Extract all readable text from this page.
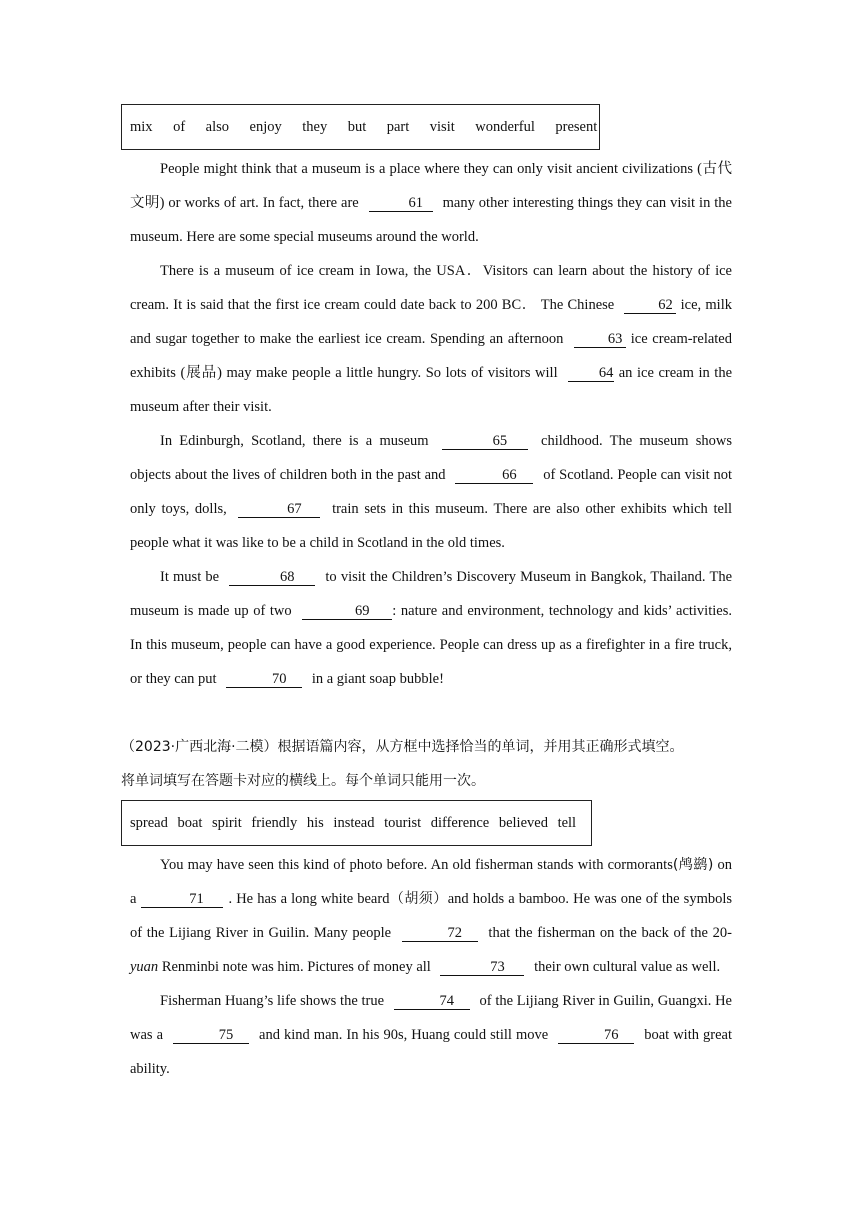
mix of also enjoy they but part visit wonderful present

People might think that a museum is a place where they can only visit ancient civilizations (古代文明) or works of art. In fact, there are	61 many other interesting things they can visit in the museum. Here are some special museums around the world.

There is a museum of ice cream in Iowa, the USA．Visitors can learn about the history of ice cream. It is said that the first ice cream could date back to 200 BC． The Chinese	62 ice, milk and sugar together to make the earliest ice cream. Spending an afternoon	63 ice cream-related exhibits (展品) may make people a little hungry. So lots of visitors will	64 an ice cream in the museum after their visit.

In Edinburgh, Scotland, there is a museum	65 childhood. The museum shows objects about the lives of children both in the past and	66 of Scotland. People can visit not only toys, dolls,	67 train sets in this museum. There are also other exhibits which tell people what it was like to be a child in Scotland in the old times.

It must be	68 to visit the Children’s Discovery Museum in Bangkok, Thailand. The museum is made up of two	69 : nature and environment, technology and kids’ activities. In this museum, people can have a good experience. People can dress up as a firefighter in a fire truck, or they can put	70 in a giant soap bubble!

（2023·广西北海·二模）根据语篇内容，从方框中选择恰当的单词，并用其正确形式填空。
将单词填写在答题卡对应的横线上。每个单词只能用一次。

spread boat spirit friendly his instead tourist difference believed tell

You may have seen this kind of photo before. An old fisherman stands with cormorants(鸬鹚) on a	71 . He has a long white beard（胡须）and holds a bamboo. He was one of the symbols of the Lijiang River in Guilin. Many people	72 that the fisherman on the back of the 20-yuan Renminbi note was him. Pictures of money all	73 their own cultural value as well.

Fisherman Huang’s life shows the true	74 of the Lijiang River in Guilin, Guangxi. He was a	75 and kind man. In his 90s, Huang could still move	76 boat with great ability.
